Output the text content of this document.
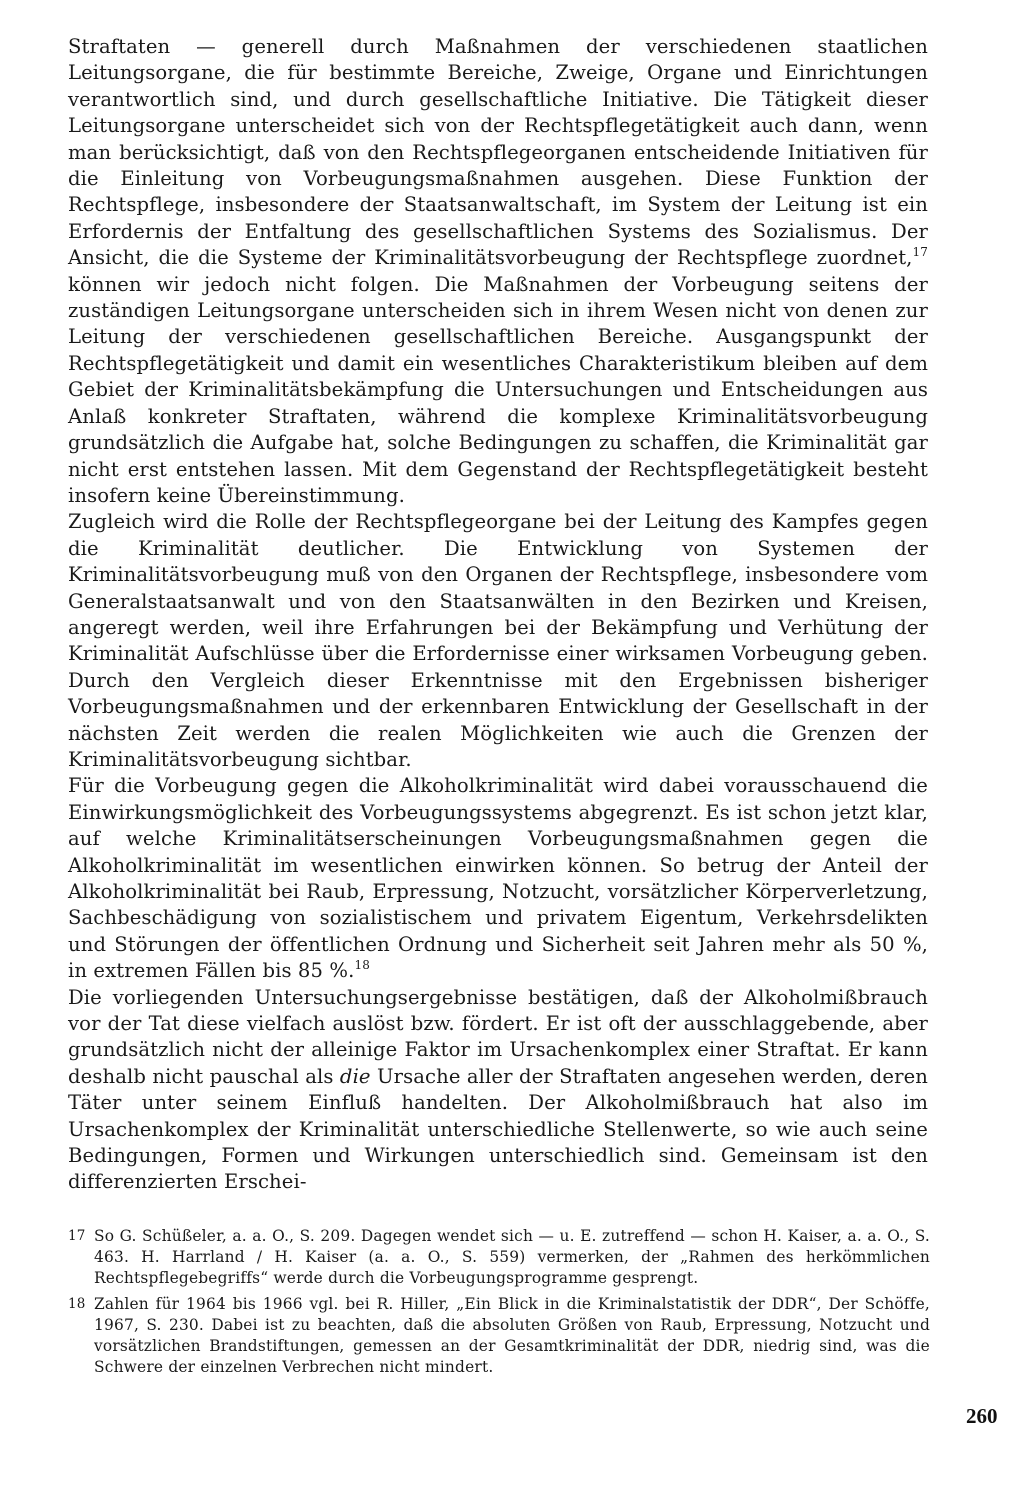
Straftaten — generell durch Maßnahmen der verschiedenen staatlichen Leitungsorgane, die für bestimmte Bereiche, Zweige, Organe und Einrichtungen verantwortlich sind, und durch gesellschaftliche Initiative. Die Tätigkeit dieser Leitungsorgane unterscheidet sich von der Rechtspflegetätigkeit auch dann, wenn man berücksichtigt, daß von den Rechtspflegeorganen entscheidende Initiativen für die Einleitung von Vorbeugungsmaßnahmen ausgehen. Diese Funktion der Rechtspflege, insbesondere der Staatsanwaltschaft, im System der Leitung ist ein Erfordernis der Entfaltung des gesellschaftlichen Systems des Sozialismus. Der Ansicht, die die Systeme der Kriminalitätsvorbeugung der Rechtspflege zuordnet,$^{17}$ können wir jedoch nicht folgen. Die Maßnahmen der Vorbeugung seitens der zuständigen Leitungsorgane unterscheiden sich in ihrem Wesen nicht von denen zur Leitung der verschiedenen gesellschaftlichen Bereiche. Ausgangspunkt der Rechtspflegetätigkeit und damit ein wesentliches Charakteristikum bleiben auf dem Gebiet der Kriminalitätsbekämpfung die Untersuchungen und Entscheidungen aus Anlaß konkreter Straftaten, während die komplexe Kriminalitätsvorbeugung grundsätzlich die Aufgabe hat, solche Bedingungen zu schaffen, die Kriminalität gar nicht erst entstehen lassen. Mit dem Gegenstand der Rechtspflegetätigkeit besteht insofern keine Übereinstimmung.

Zugleich wird die Rolle der Rechtspflegeorgane bei der Leitung des Kampfes gegen die Kriminalität deutlicher. Die Entwicklung von Systemen der Kriminalitätsvorbeugung muß von den Organen der Rechtspflege, insbesondere vom Generalstaatsanwalt und von den Staatsanwälten in den Bezirken und Kreisen, angeregt werden, weil ihre Erfahrungen bei der Bekämpfung und Verhütung der Kriminalität Aufschlüsse über die Erfordernisse einer wirksamen Vorbeugung geben. Durch den Vergleich dieser Erkenntnisse mit den Ergebnissen bisheriger Vorbeugungsmaßnahmen und der erkennbaren Entwicklung der Gesellschaft in der nächsten Zeit werden die realen Möglichkeiten wie auch die Grenzen der Kriminalitätsvorbeugung sichtbar.

Für die Vorbeugung gegen die Alkoholkriminalität wird dabei vorausschauend die Einwirkungsmöglichkeit des Vorbeugungssystems abgegrenzt. Es ist schon jetzt klar, auf welche Kriminalitätserscheinungen Vorbeugungsmaßnahmen gegen die Alkoholkriminalität im wesentlichen einwirken können. So betrug der Anteil der Alkoholkriminalität bei Raub, Erpressung, Notzucht, vorsätzlicher Körperverletzung, Sachbeschädigung von sozialistischem und privatem Eigentum, Verkehrsdelikten und Störungen der öffentlichen Ordnung und Sicherheit seit Jahren mehr als 50 %, in extremen Fällen bis 85 %.$^{18}$

Die vorliegenden Untersuchungsergebnisse bestätigen, daß der Alkoholmißbrauch vor der Tat diese vielfach auslöst bzw. fördert. Er ist oft der ausschlaggebende, aber grundsätzlich nicht der alleinige Faktor im Ursachenkomplex einer Straftat. Er kann deshalb nicht pauschal als die Ursache aller der Straftaten angesehen werden, deren Täter unter seinem Einfluß handelten. Der Alkoholmißbrauch hat also im Ursachenkomplex der Kriminalität unterschiedliche Stellenwerte, so wie auch seine Bedingungen, Formen und Wirkungen unterschiedlich sind. Gemeinsam ist den differenzierten Erschei-

17 So G. Schüßeler, a. a. O., S. 209. Dagegen wendet sich — u. E. zutreffend — schon H. Kaiser, a. a. O., S. 463. H. Harrland / H. Kaiser (a. a. O., S. 559) vermerken, der „Rahmen des herkömmlichen Rechtspflegebegriffs“ werde durch die Vorbeugungsprogramme gesprengt.

18 Zahlen für 1964 bis 1966 vgl. bei R. Hiller, „Ein Blick in die Kriminalstatistik der DDR“, Der Schöffe, 1967, S. 230. Dabei ist zu beachten, daß die absoluten Größen von Raub, Erpressung, Notzucht und vorsätzlichen Brandstiftungen, gemessen an der Gesamtkriminalität der DDR, niedrig sind, was die Schwere der einzelnen Verbrechen nicht mindert.

260
